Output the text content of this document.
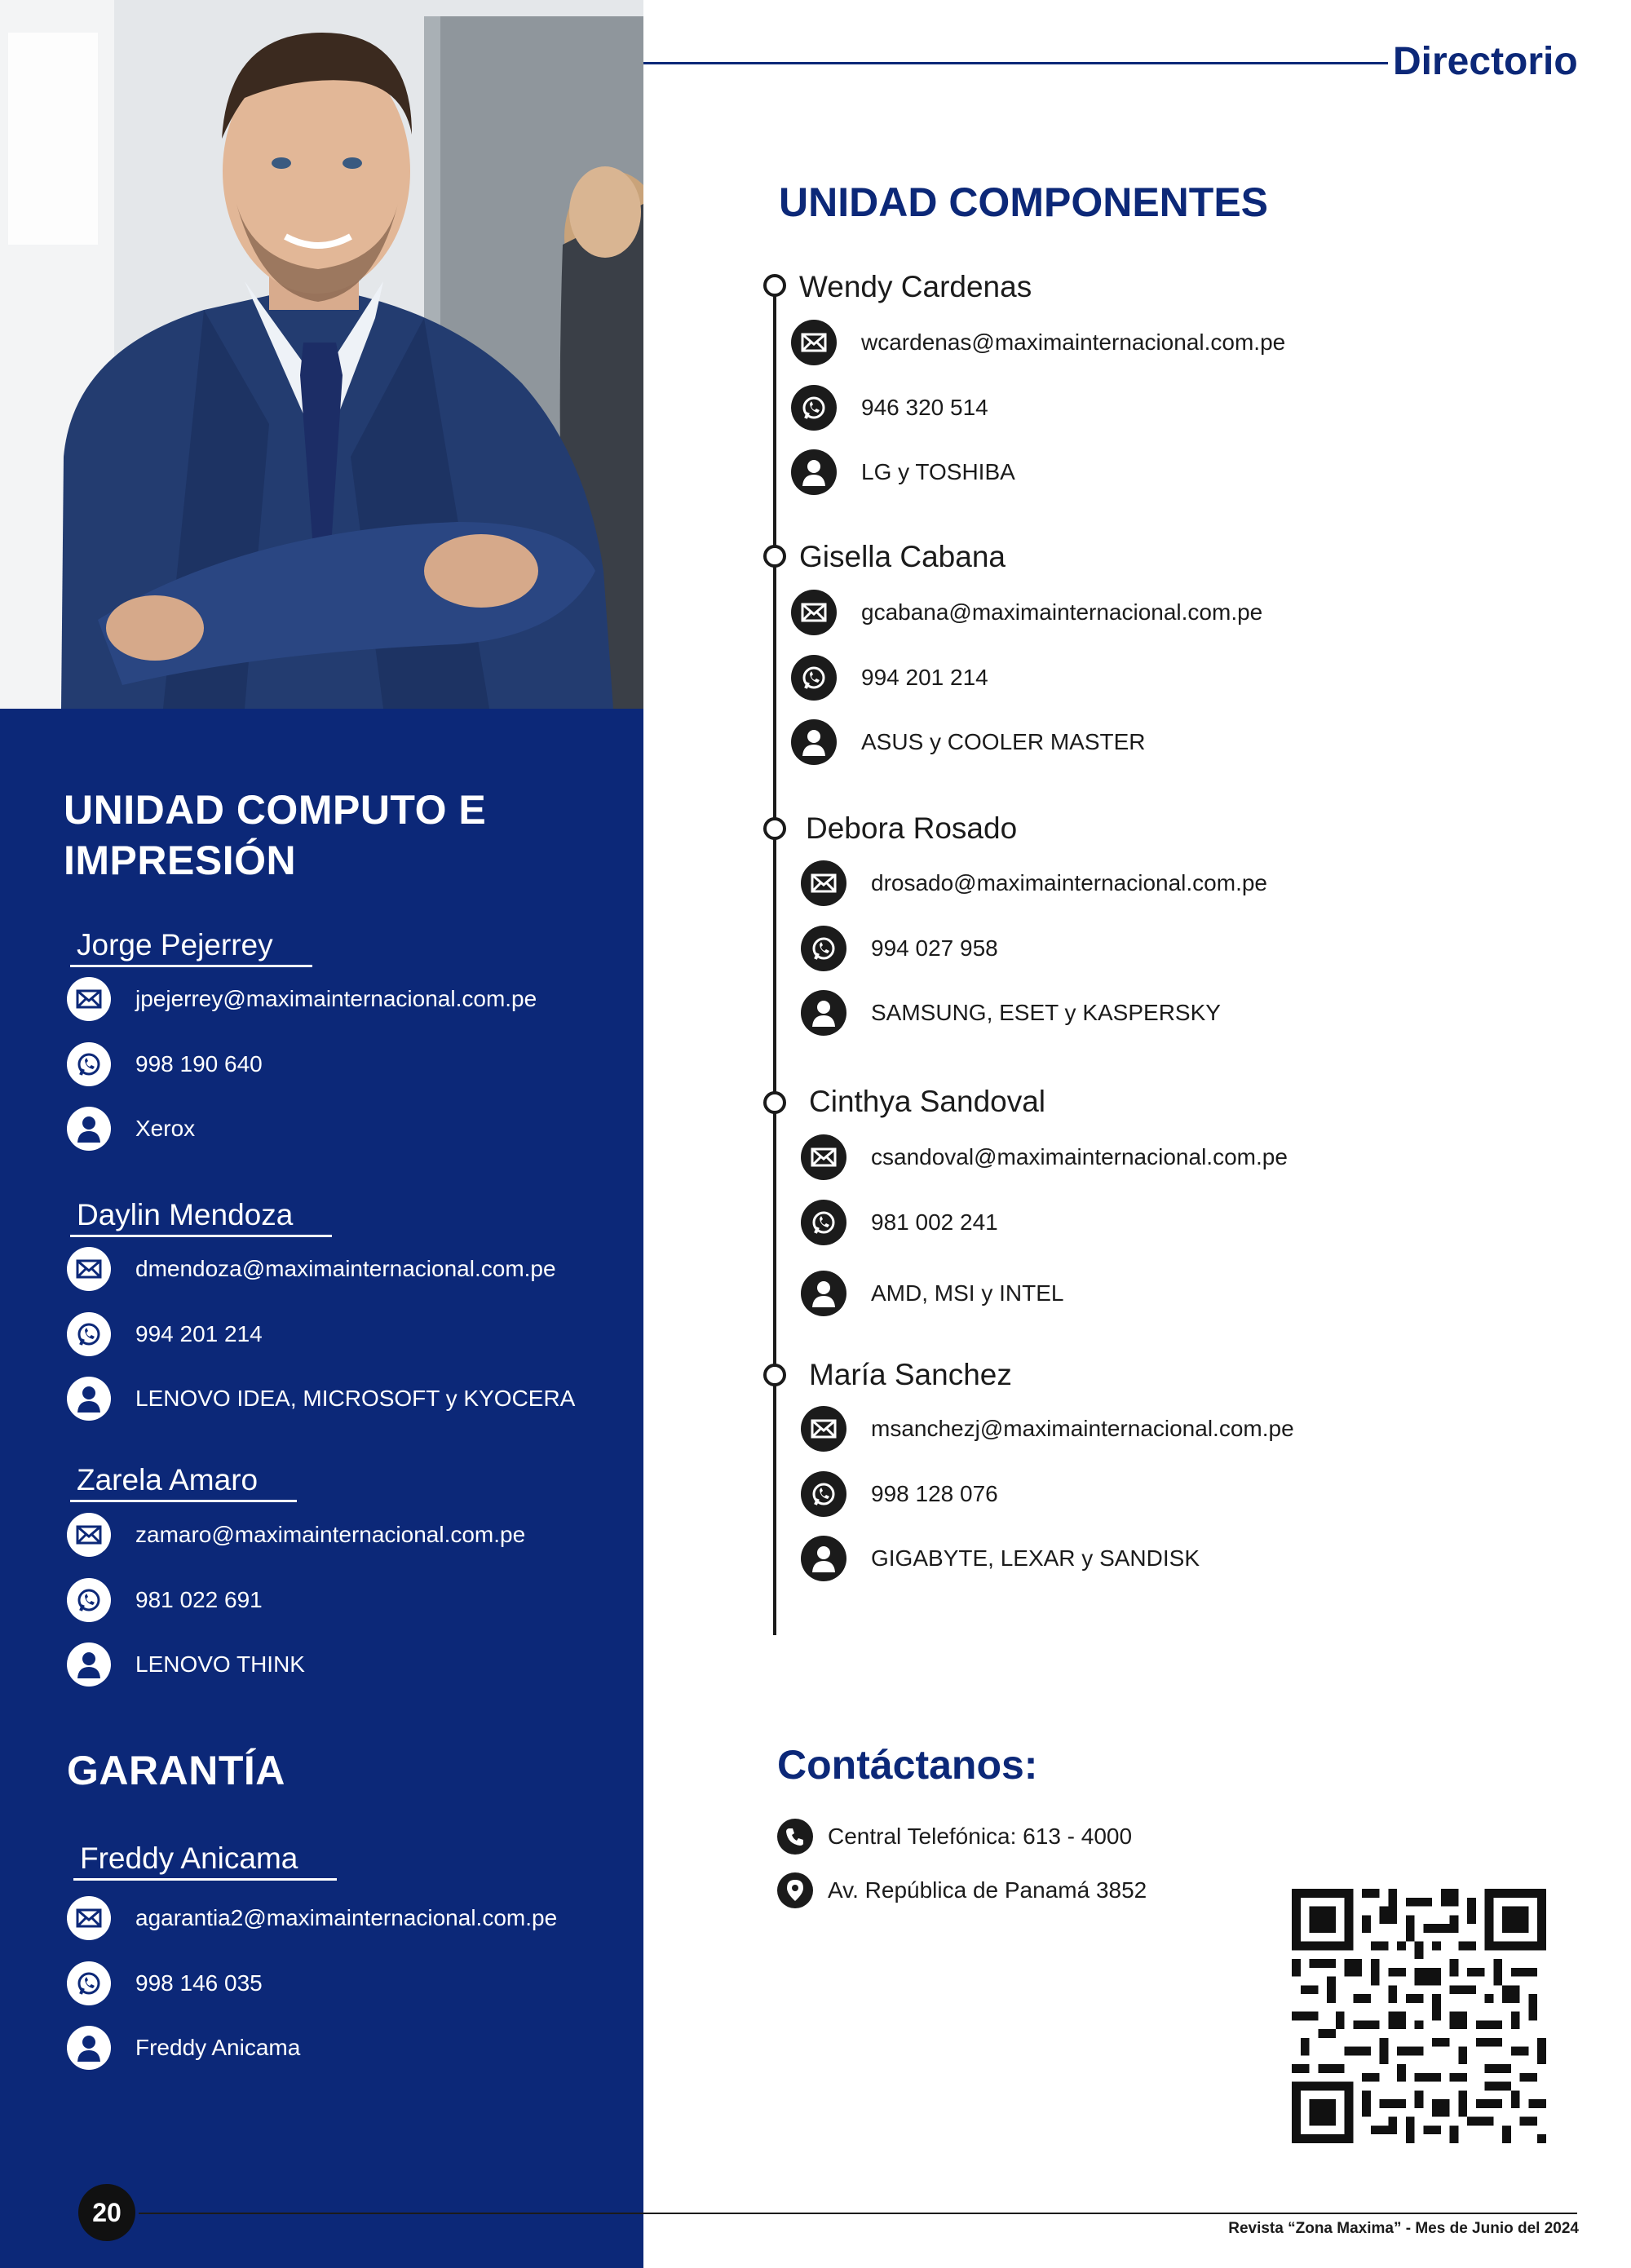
UNIDAD COMPUTO E
IMPRESIÓN
Jorge Pejerrey
jpejerrey@maximainternacional.com.pe
998 190 640
Xerox
Daylin Mendoza
dmendoza@maximainternacional.com.pe
994 201 214
LENOVO IDEA, MICROSOFT y KYOCERA
Zarela Amaro
zamaro@maximainternacional.com.pe
981 022 691
LENOVO THINK
GARANTÍA
Freddy Anicama
agarantia2@maximainternacional.com.pe
998 146 035
Freddy Anicama
Directorio
UNIDAD COMPONENTES
Wendy Cardenas
wcardenas@maximainternacional.com.pe
946 320 514
LG y TOSHIBA
Gisella Cabana
gcabana@maximainternacional.com.pe
994 201 214
ASUS y COOLER MASTER
Debora Rosado
drosado@maximainternacional.com.pe
994 027 958
SAMSUNG, ESET y KASPERSKY
Cinthya Sandoval
csandoval@maximainternacional.com.pe
981 002 241
AMD, MSI y INTEL
María Sanchez
msanchezj@maximainternacional.com.pe
998 128 076
GIGABYTE, LEXAR y SANDISK
Contáctanos:
Central Telefónica: 613 - 4000
Av. República de Panamá 3852
20
Revista “Zona Maxima” - Mes de Junio del 2024
